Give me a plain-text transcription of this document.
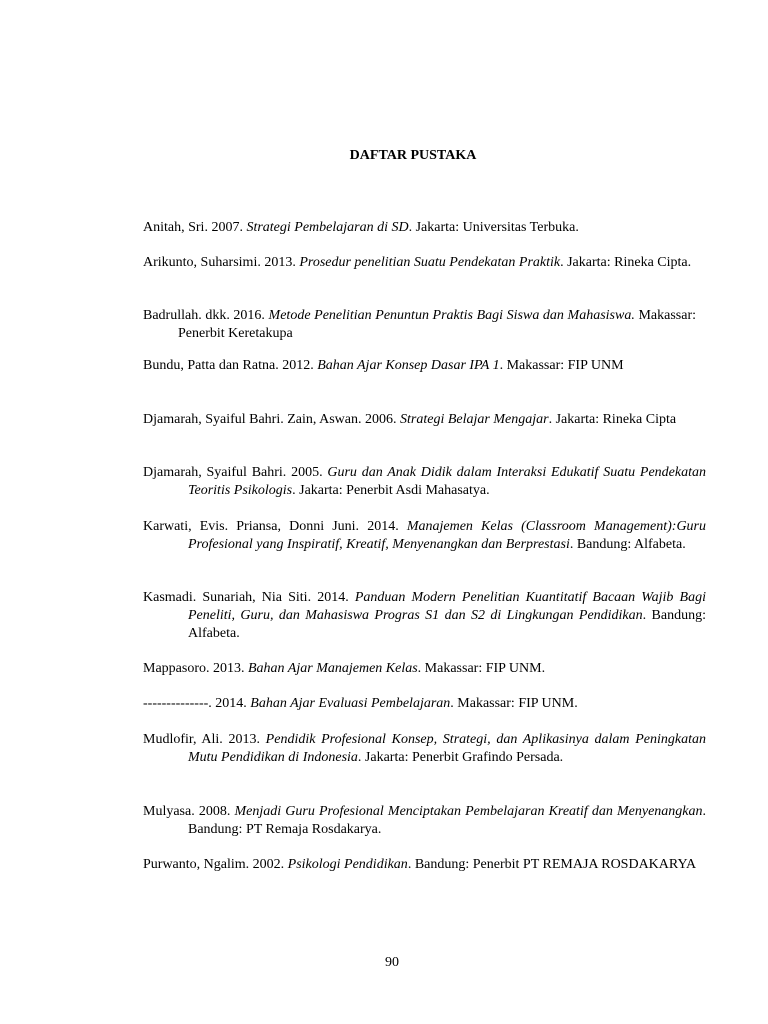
DAFTAR PUSTAKA
Anitah, Sri. 2007. Strategi Pembelajaran di SD. Jakarta: Universitas Terbuka.
Arikunto, Suharsimi. 2013. Prosedur penelitian Suatu Pendekatan Praktik. Jakarta: Rineka Cipta.
Badrullah. dkk. 2016. Metode Penelitian Penuntun Praktis Bagi Siswa dan Mahasiswa. Makassar: Penerbit Keretakupa
Bundu, Patta dan Ratna. 2012. Bahan Ajar Konsep Dasar IPA 1. Makassar: FIP UNM
Djamarah, Syaiful Bahri. Zain, Aswan. 2006. Strategi Belajar Mengajar. Jakarta: Rineka Cipta
Djamarah, Syaiful Bahri. 2005. Guru dan Anak Didik dalam Interaksi Edukatif Suatu Pendekatan Teoritis Psikologis. Jakarta: Penerbit Asdi Mahasatya.
Karwati, Evis. Priansa, Donni Juni. 2014. Manajemen Kelas (Classroom Management):Guru Profesional yang Inspiratif, Kreatif, Menyenangkan dan Berprestasi. Bandung: Alfabeta.
Kasmadi. Sunariah, Nia Siti. 2014. Panduan Modern Penelitian Kuantitatif Bacaan Wajib Bagi Peneliti, Guru, dan Mahasiswa Progras S1 dan S2 di Lingkungan Pendidikan. Bandung: Alfabeta.
Mappasoro. 2013. Bahan Ajar Manajemen Kelas. Makassar: FIP UNM.
--------------. 2014. Bahan Ajar Evaluasi Pembelajaran. Makassar: FIP UNM.
Mudlofir, Ali. 2013. Pendidik Profesional Konsep, Strategi, dan Aplikasinya dalam Peningkatan Mutu Pendidikan di Indonesia. Jakarta: Penerbit Grafindo Persada.
Mulyasa. 2008. Menjadi Guru Profesional Menciptakan Pembelajaran Kreatif dan Menyenangkan. Bandung: PT Remaja Rosdakarya.
Purwanto, Ngalim. 2002. Psikologi Pendidikan. Bandung: Penerbit PT REMAJA ROSDAKARYA
90
